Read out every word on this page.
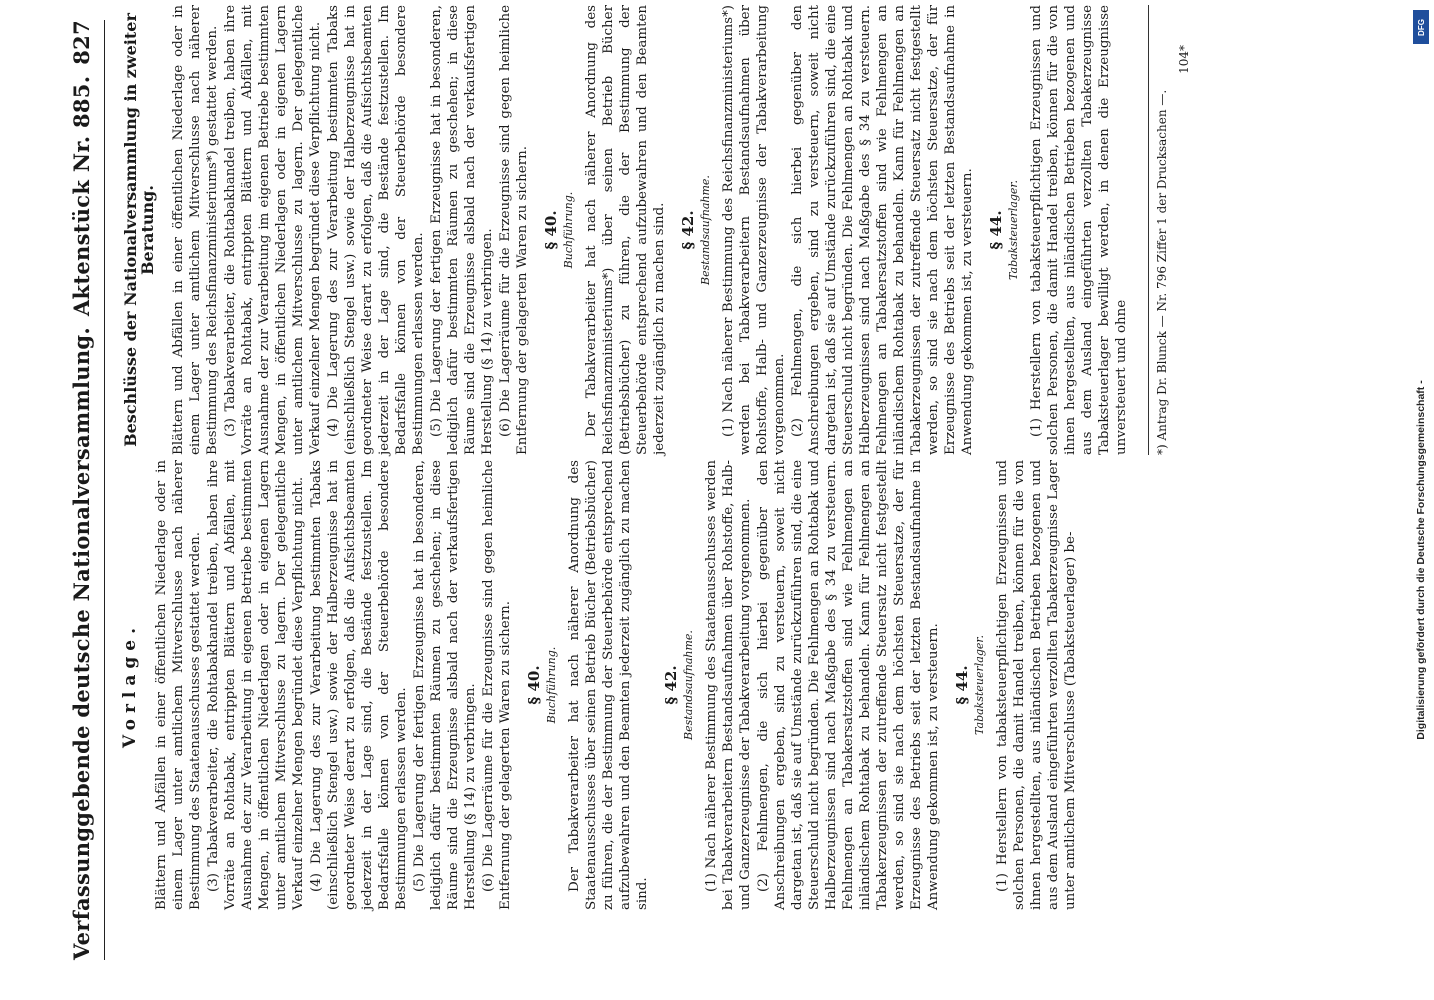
Verfassunggebende deutsche Nationalversammlung.
Aktenstück Nr. 885.
827
Vorlage. Blättern und Abfällen in einer öffentlichen Niederlage oder in einem Lager unter amtlichem Mitverschlusse nach näherer Bestimmung des Staatenausschusses gestattet werden. (3) Tabakverarbeiter, die Rohtabakhandel treiben, haben ihre Vorräte an Rohtabak, entrippten Blättern und Abfällen, mit Ausnahme der zur Verarbeitung in eigenen Betriebe bestimmten Mengen, in öffentlichen Niederlagen oder in eigenen Lagern unter amtlichem Mitverschlusse zu lagern. Der gelegentliche Verkauf einzelner Mengen begründet diese Verpflichtung nicht. (4) Die Lagerung des zur Verarbeitung bestimmten Tabaks (einschließlich Stengel usw.) sowie der Halberzeugnisse hat in geordneter Weise derart zu erfolgen, daß die Aufsichtsbeamten jederzeit in der Lage sind, die Bestände festzustellen. Im Bedarfsfalle können von der Steuerbehörde besondere Bestimmungen erlassen werden. (5) Die Lagerung der fertigen Erzeugnisse hat in besonderen, lediglich dafür bestimmten Räumen zu geschehen; in diese Räume sind die Erzeugnisse alsbald nach der verkaufsfertigen Herstellung (§ 14) zu verbringen. (6) Die Lagerräume für die Erzeugnisse sind gegen heimliche Entfernung der gelagerten Waren zu sichern. § 40. Buchführung. Der Tabakverarbeiter hat nach näherer Anordnung des Staatenausschusses über seinen Betrieb Bücher (Betriebsbücher) zu führen, die der Bestimmung der Steuerbehörde entsprechend aufzubewahren und den Beamten jederzeit zugänglich zu machen sind.

§ 42. Bestandsaufnahme. (1) Nach näherer Bestimmung des Staatenausschusses werden bei Tabakverarbeitern Bestandsaufnahmen über Rohstoffe, Halb- und Ganzerzeugnisse der Tabakverarbeitung vorgenommen. (2) Fehlmengen, die sich hierbei gegenüber den Anschreibungen ergeben, sind zu versteuern, soweit nicht dargetan ist, daß sie auf Umstände zurückzuführen sind, die eine Steuerschuld nicht begründen. Die Fehlmengen an Rohtabak und Halberzeugnissen sind nach Maßgabe des § 34 zu versteuern. Fehlmengen an Tabakersatzstoffen sind wie Fehlmengen an inländischem Rohtabak zu behandeln. Kann für Fehlmengen an Tabakerzeugnissen der zutreffende Steuersatz nicht festgestellt werden, so sind sie nach dem höchsten Steuersatze, der für Erzeugnisse des Betriebs seit der letzten Bestandsaufnahme in Anwendung gekommen ist, zu versteuern. § 44. Tabaksteuerlager. (1) Herstellern von tabaksteuerpflichtigen Erzeugnissen und solchen Personen, die damit Handel treiben, können für die von ihnen hergestellten, aus inländischen Betrieben bezogenen und aus dem Ausland eingeführten verzollten Tabakerzeugnisse Lager unter amtlichem Mitverschlusse (Tabaksteuerlager) be-

Beschlüsse der Nationalversammlung in zweiter Beratung. Blättern und Abfällen in einer öffentlichen Niederlage oder in einem Lager unter amtlichem Mitverschlusse nach näherer Bestimmung des Reichsfinanzministeriums*) gestattet werden. (3) Tabakverarbeiter, die Rohtabakhandel treiben, haben ihre Vorräte an Rohtabak, entrippten Blättern und Abfällen, mit Ausnahme der zur Verarbeitung im eigenen Betriebe bestimmten Mengen, in öffentlichen Niederlagen oder in eigenen Lagern unter amtlichem Mitverschlusse zu lagern. Der gelegentliche Verkauf einzelner Mengen begründet diese Verpflichtung nicht. (4) Die Lagerung des zur Verarbeitung bestimmten Tabaks (einschließlich Stengel usw.) sowie der Halberzeugnisse hat in geordneter Weise derart zu erfolgen, daß die Aufsichtsbeamten jederzeit in der Lage sind, die Bestände festzustellen. Im Bedarfsfalle können von der Steuerbehörde besondere Bestimmungen erlassen werden. (5) Die Lagerung der fertigen Erzeugnisse hat in besonderen, lediglich dafür bestimmten Räumen zu geschehen; in diese Räume sind die Erzeugnisse alsbald nach der verkaufsfertigen Herstellung (§ 14) zu verbringen. (6) Die Lagerräume für die Erzeugnisse sind gegen heimliche Entfernung der gelagerten Waren zu sichern. § 40. Buchführung. Der Tabakverarbeiter hat nach näherer Anordnung des Reichsfinanzministeriums*) über seinen Betrieb Bücher (Betriebsbücher) zu führen, die der Bestimmung der Steuerbehörde entsprechend aufzubewahren und den Beamten jederzeit zugänglich zu machen sind. § 42. Bestandsaufnahme. (1) Nach näherer Bestimmung des Reichsfinanzministeriums*) werden bei Tabakverarbeitern Bestandsaufnahmen über Rohstoffe, Halb- und Ganzerzeugnisse der Tabakverarbeitung vorgenommen. (2) Fehlmengen, die sich hierbei gegenüber den Anschreibungen ergeben, sind zu versteuern, soweit nicht dargetan ist, daß sie auf Umstände zurückzuführen sind, die eine Steuerschuld nicht begründen. Die Fehlmengen an Rohtabak und Halberzeugnissen sind nach Maßgabe des § 34 zu versteuern. Fehlmengen an Tabakersatzstoffen sind wie Fehlmengen an inländischem Rohtabak zu behandeln. Kann für Fehlmengen an Tabakerzeugnissen der zutreffende Steuersatz nicht festgestellt werden, so sind sie nach dem höchsten Steuersatze, der für Erzeugnisse des Betriebs seit der letzten Bestandsaufnahme in Anwendung gekommen ist, zu versteuern. § 44. Tabaksteuerlager. (1) Herstellern von tabaksteuerpflichtigen Erzeugnissen und solchen Personen, die damit Handel treiben, können für die von ihnen hergestellten, aus inländischen Betrieben bezogenen und aus dem Ausland eingeführten verzollten Tabakerzeugnisse Tabaksteuerlager bewilligt werden, in denen die Erzeugnisse unversteuert und ohne	*) Antrag Dr. Blunck — Nr. 796 Ziffer 1 der Drucksachen —.
104*
DFG
Digitalisierung gefördert durch die Deutsche Forschungsgemeinschaft -
